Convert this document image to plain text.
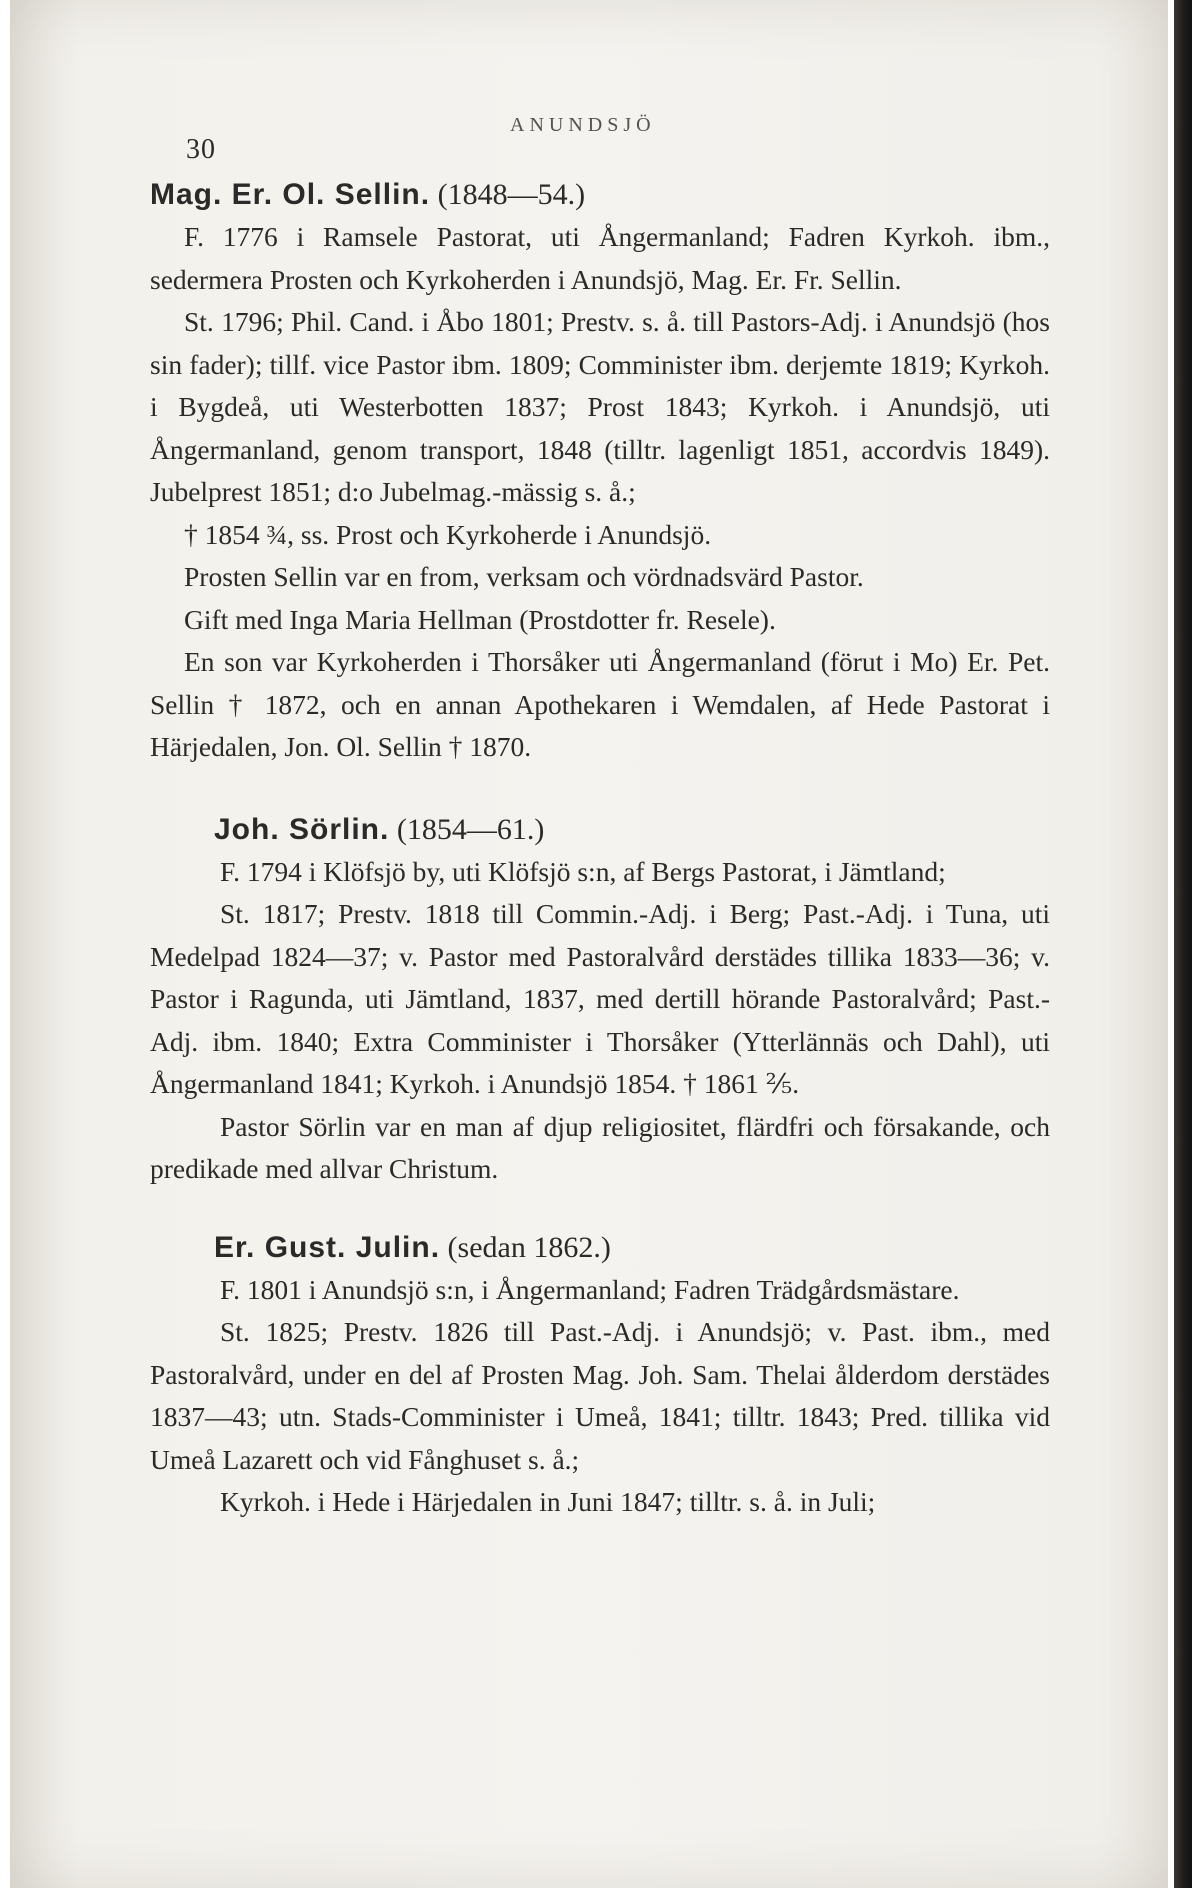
30
ANUNDSJÖ
Mag. Er. Ol. Sellin. (1848—54.)

F. 1776 i Ramsele Pastorat, uti Ångermanland; Fadren Kyrkoh. ibm., sedermera Prosten och Kyrkoherden i Anundsjö, Mag. Er. Fr. Sellin.

St. 1796; Phil. Cand. i Åbo 1801; Prestv. s. å. till Pastors-Adj. i Anundsjö (hos sin fader); tillf. vice Pastor ibm. 1809; Comminister ibm. derjemte 1819; Kyrkoh. i Bygdeå, uti Westerbotten 1837; Prost 1843; Kyrkoh. i Anundsjö, uti Ångermanland, genom transport, 1848 (tilltr. lagenligt 1851, accordvis 1849). Jubelprest 1851; d:o Jubelmag.-mässig s. å.;

† 1854 ¾, ss. Prost och Kyrkoherde i Anundsjö.

Prosten Sellin var en from, verksam och vördnadsvärd Pastor.

Gift med Inga Maria Hellman (Prostdotter fr. Resele).

En son var Kyrkoherden i Thorsåker uti Ångermanland (förut i Mo) Er. Pet. Sellin † 1872, och en annan Apothekaren i Wemdalen, af Hede Pastorat i Härjedalen, Jon. Ol. Sellin † 1870.

Joh. Sörlin. (1854—61.)

F. 1794 i Klöfsjö by, uti Klöfsjö s:n, af Bergs Pastorat, i Jämtland;

St. 1817; Prestv. 1818 till Commin.-Adj. i Berg; Past.-Adj. i Tuna, uti Medelpad 1824—37; v. Pastor med Pastoralvård derstädes tillika 1833—36; v. Pastor i Ragunda, uti Jämtland, 1837, med dertill hörande Pastoralvård; Past.-Adj. ibm. 1840; Extra Comminister i Thorsåker (Ytterlännäs och Dahl), uti Ångermanland 1841; Kyrkoh. i Anundsjö 1854. † 1861 ⅖.

Pastor Sörlin var en man af djup religiositet, flärdfri och försakande, och predikade med allvar Christum.

Er. Gust. Julin. (sedan 1862.)

F. 1801 i Anundsjö s:n, i Ångermanland; Fadren Trädgårdsmästare.

St. 1825; Prestv. 1826 till Past.-Adj. i Anundsjö; v. Past. ibm., med Pastoralvård, under en del af Prosten Mag. Joh. Sam. Thelai ålderdom derstädes 1837—43; utn. Stads-Comminister i Umeå, 1841; tilltr. 1843; Pred. tillika vid Umeå Lazarett och vid Fånghuset s. å.;

Kyrkoh. i Hede i Härjedalen in Juni 1847; tilltr. s. å. in Juli;
